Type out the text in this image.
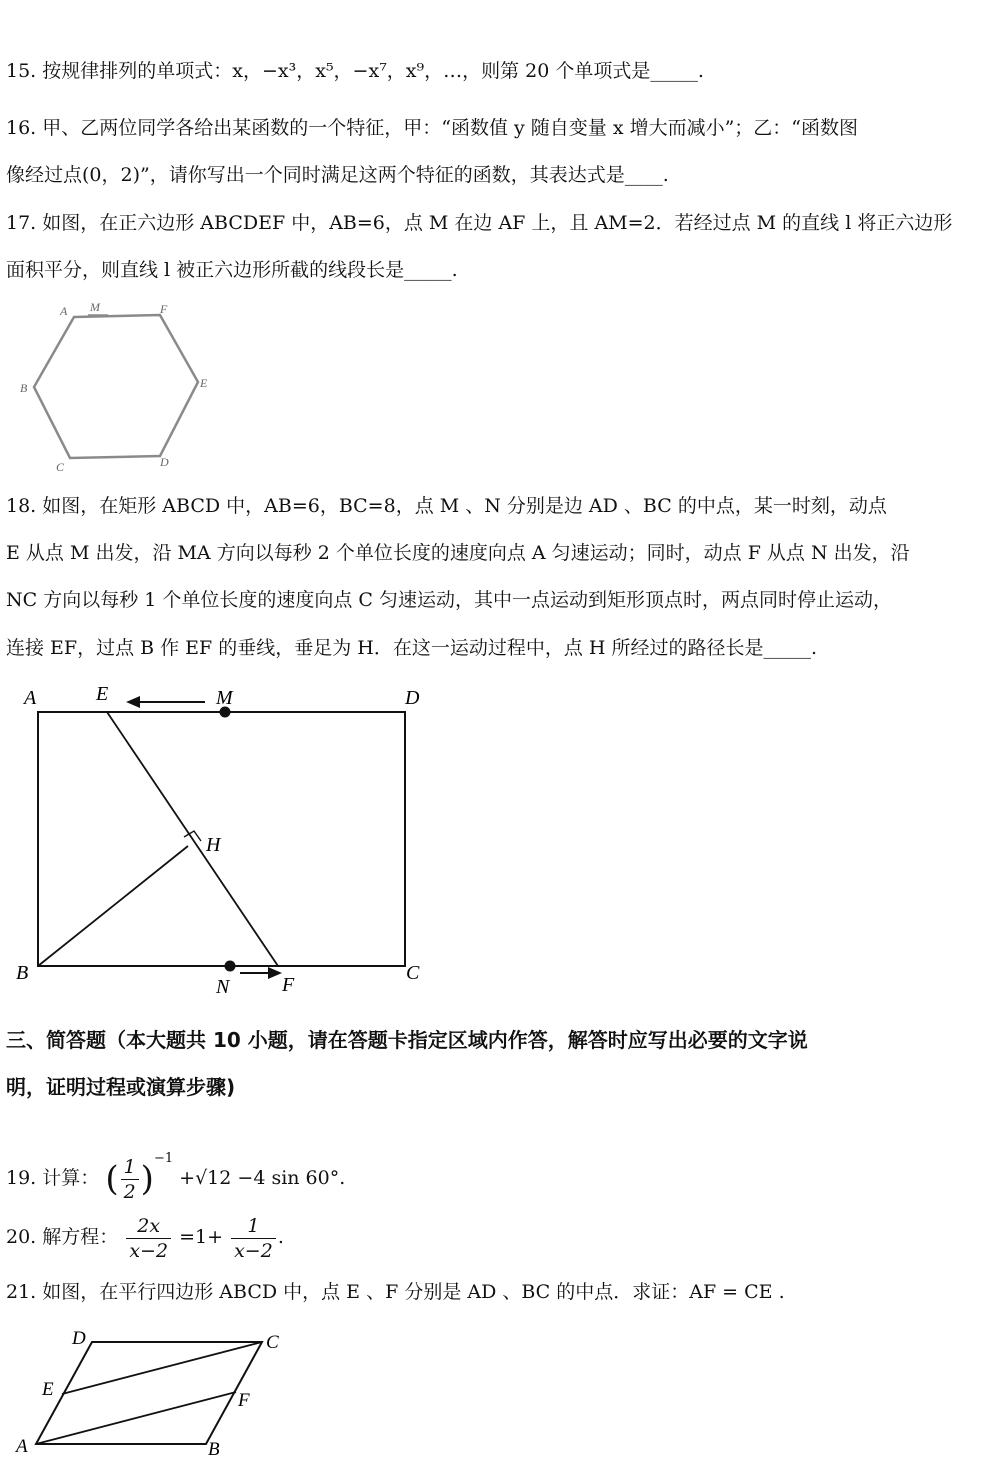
15. 按规律排列的单项式：x，−x³，x⁵，−x⁷，x⁹，…，则第 20 个单项式是_____.
16. 甲、乙两位同学各给出某函数的一个特征，甲：“函数值 y 随自变量 x 增大而减小”；乙：“函数图
像经过点(0，2)”，请你写出一个同时满足这两个特征的函数，其表达式是____.
17. 如图，在正六边形 ABCDEF 中，AB=6，点 M 在边 AF 上，且 AM=2．若经过点 M 的直线 l 将正六边形
面积平分，则直线 l 被正六边形所截的线段长是_____.
A M	F
B	E
C	D
18. 如图，在矩形 ABCD 中，AB=6，BC=8，点 M 、N 分别是边 AD 、BC 的中点，某一时刻，动点
E 从点 M 出发，沿 MA 方向以每秒 2 个单位长度的速度向点 A 匀速运动；同时，动点 F 从点 N 出发，沿
NC 方向以每秒 1 个单位长度的速度向点 C 匀速运动，其中一点运动到矩形顶点时，两点同时停止运动，
连接 EF，过点 B 作 EF 的垂线，垂足为 H．在这一运动过程中，点 H 所经过的路径长是_____.
A	E	M	D
H
B
N	F
C
三、简答题（本大题共 10 小题，请在答题卡指定区域内作答，解答时应写出必要的文字说
明，证明过程或演算步骤)
19. 计算： ( $\frac{1}{2} )^{-1} +√12 -4$ sin 60°.
20. 解方程： $\frac{2x}{x-2} =1+ \frac{1}{x-2}$ .
21. 如图，在平行四边形 ABCD 中，点 E 、F 分别是 AD 、BC 的中点．求证：AF = CE .
D	C
E
F
A	B
